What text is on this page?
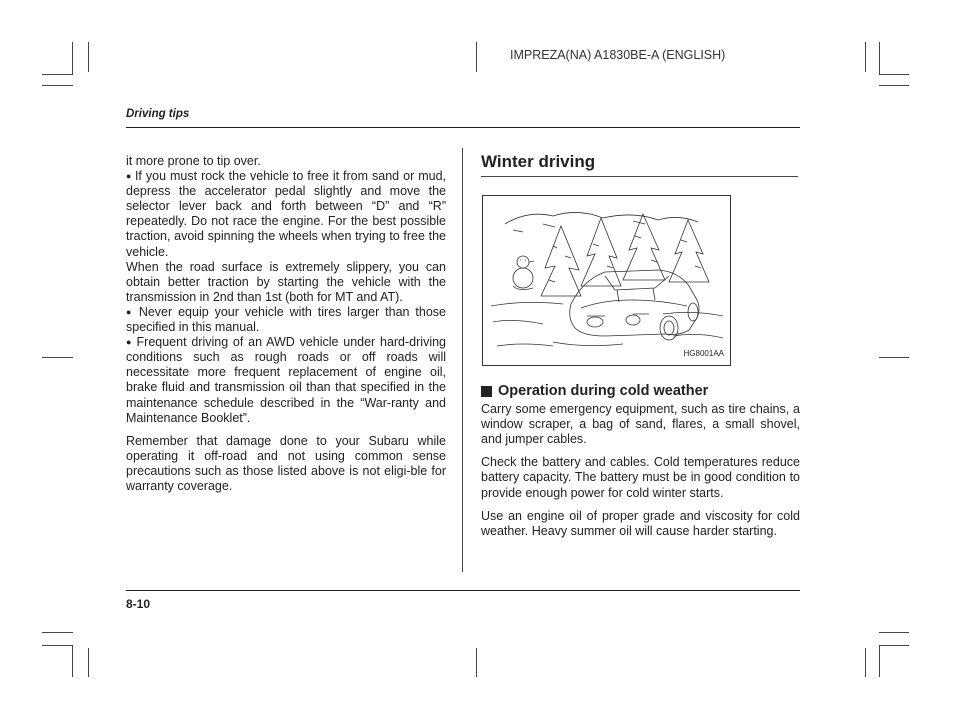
IMPREZA(NA) A1830BE-A (ENGLISH)
Driving tips

it more prone to tip over.

● If you must rock the vehicle to free it from sand or mud, depress the accelerator pedal slightly and move the selector lever back and forth between “D” and “R” repeatedly. Do not race the engine. For the best possible traction, avoid spinning the wheels when trying to free the vehicle.

When the road surface is extremely slippery, you can obtain better traction by starting the vehicle with the transmission in 2nd than 1st (both for MT and AT).

● Never equip your vehicle with tires larger than those specified in this manual.

● Frequent driving of an AWD vehicle under hard-driving conditions such as rough roads or off roads will necessitate more frequent replacement of engine oil, brake fluid and transmission oil than that specified in the maintenance schedule described in the “War-ranty and Maintenance Booklet”.

Remember that damage done to your Subaru while operating it off-road and not using common sense precautions such as those listed above is not eligi-ble for warranty coverage.

Winter driving
HG8001AA

Operation during cold weather

Carry some emergency equipment, such as tire chains, a window scraper, a bag of sand, flares, a small shovel, and jumper cables.

Check the battery and cables. Cold temperatures reduce battery capacity. The battery must be in good condition to provide enough power for cold winter starts.

Use an engine oil of proper grade and viscosity for cold weather. Heavy summer oil will cause harder starting.

8-10
